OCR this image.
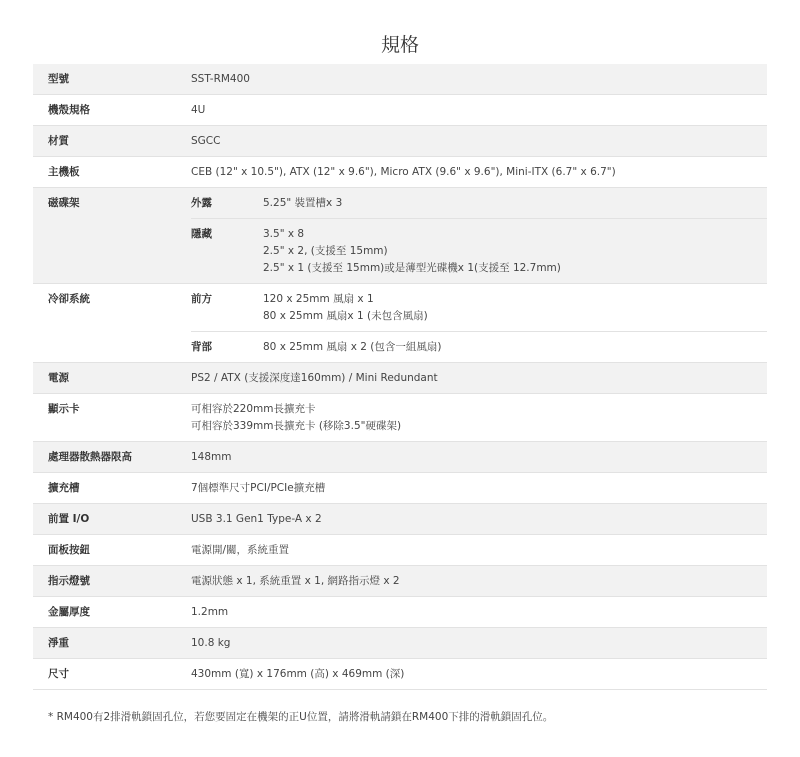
規格
型號	SST-RM400
機殼規格	4U
材質	SGCC
主機板	CEB (12" x 10.5"), ATX (12" x 9.6"), Micro ATX (9.6" x 9.6"), Mini-ITX (6.7" x 6.7")
磁碟架		外露	5.25" 裝置槽x 3

隱藏	3.5" x 8
2.5" x 2, (支援至 15mm)
2.5" x 1 (支援至 15mm)或是薄型光碟機x 1(支援至 12.7mm)

冷卻系統		前方	120 x 25mm 風扇 x 1
80 x 25mm 風扇x 1 (未包含風扇)

背部	80 x 25mm 風扇 x 2 (包含一組風扇)

電源	PS2 / ATX (支援深度達160mm) / Mini Redundant
顯示卡	可相容於220mm長擴充卡
可相容於339mm長擴充卡 (移除3.5"硬碟架)

處理器散熱器限高	148mm
擴充槽	7個標準尺寸PCI/PCIe擴充槽
前置 I/O	USB 3.1 Gen1 Type-A x 2
面板按鈕	電源開/關，系統重置
指示燈號	電源狀態 x 1, 系統重置 x 1, 網路指示燈 x 2
金屬厚度	1.2mm
淨重	10.8 kg
尺寸	430mm (寬) x 176mm (高) x 469mm (深)

* RM400有2排滑軌鎖固孔位，若您要固定在機架的正U位置，請將滑軌請鎖在RM400下排的滑軌鎖固孔位。
